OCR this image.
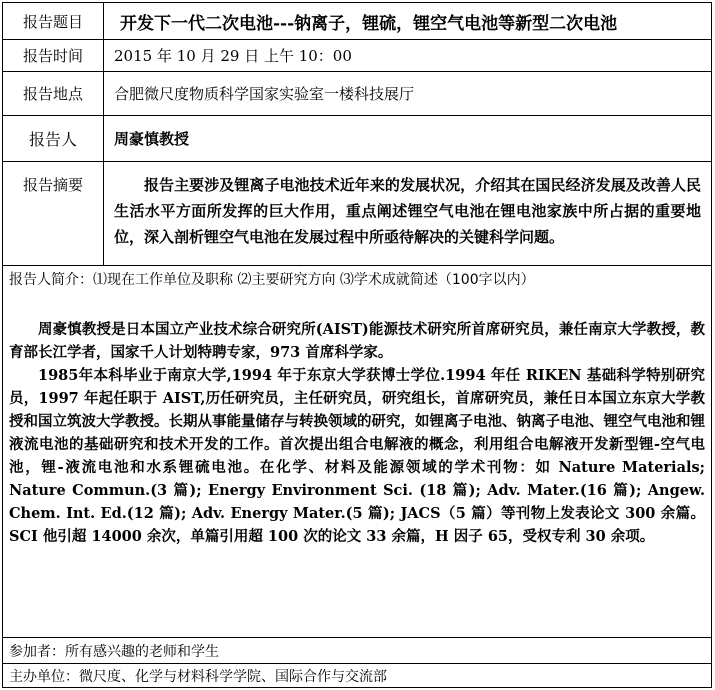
报告题目	开发下一代二次电池---钠离子，锂硫，锂空气电池等新型二次电池
报告时间	2015 年 10 月 29 日 上午 10：00
报告地点	合肥微尺度物质科学国家实验室一楼科技展厅
报告人	周豪慎教授
报告摘要	报告主要涉及锂离子电池技术近年来的发展状况，介绍其在国民经济发展及改善人民生活水平方面所发挥的巨大作用，重点阐述锂空气电池在锂电池家族中所占据的重要地位，深入剖析锂空气电池在发展过程中所亟待解决的关键科学问题。
报告人简介：⑴现在工作单位及职称 ⑵主要研究方向 ⑶学术成就简述（100字以内）

周豪慎教授是日本国立产业技术综合研究所(AIST)能源技术研究所首席研究员，兼任南京大学教授，教育部长江学者，国家千人计划特聘专家，973 首席科学家。

1985年本科毕业于南京大学,1994 年于东京大学获博士学位.1994 年任 RIKEN 基础科学特别研究员，1997 年起任职于 AIST,历任研究员，主任研究员，研究组长，首席研究员，兼任日本国立东京大学教授和国立筑波大学教授。长期从事能量储存与转换领域的研究，如锂离子电池、钠离子电池、锂空气电池和锂液流电池的基础研究和技术开发的工作。首次提出组合电解液的概念，利用组合电解液开发新型锂-空气电池，锂-液流电池和水系锂硫电池。在化学、材料及能源领域的学术刊物：如 Nature Materials; Nature Commun.(3 篇); Energy Environment Sci. (18 篇); Adv. Mater.(16 篇); Angew. Chem. Int. Ed.(12 篇); Adv. Energy Mater.(5 篇); JACS（5 篇）等刊物上发表论文 300 余篇。SCI 他引超 14000 余次，单篇引用超 100 次的论文 33 余篇，H 因子 65，受权专利 30 余项。

参加者：所有感兴趣的老师和学生
主办单位：微尺度、化学与材料科学学院、国际合作与交流部
